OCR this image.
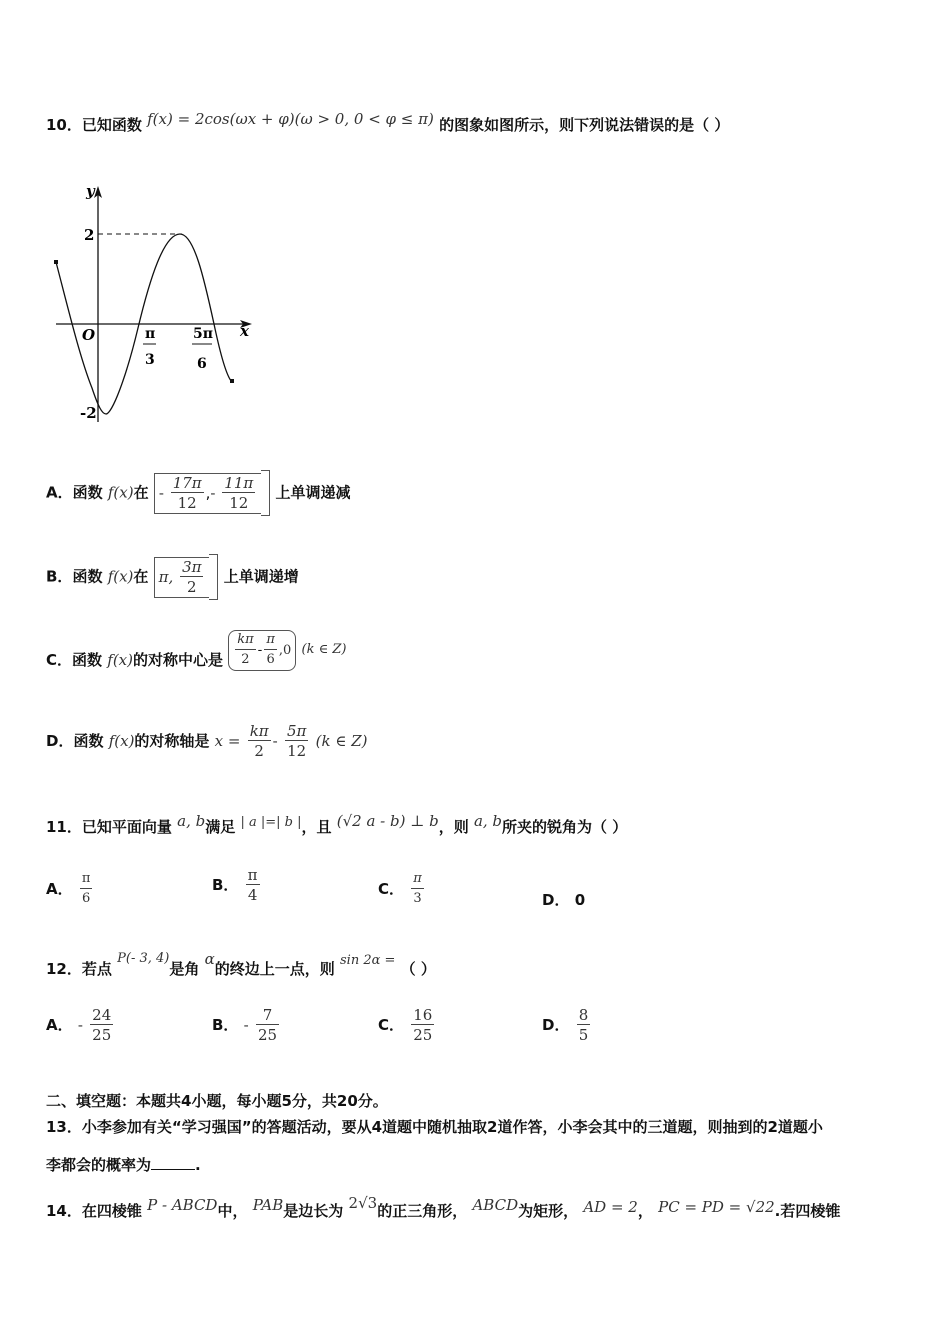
10．已知函数 f(x) = 2cos(ωx + φ)(ω > 0, 0 < φ ≤ π) 的图象如图所示，则下列说法错误的是（ ）
y
x
O
2
-2
π
3
5π
6
A．函数 f(x)在 - $\frac{17\pi}{12}$ ,- $\frac{11\pi}{12}$ 上单调递减
B．函数 f(x)在 π, $\frac{3\pi}{2}$ 上单调递增
C．函数 f(x)的对称中心是 $\frac{k\pi}{2} - \frac{\pi}{6} ,0$ (k ∈ Z)
D．函数 f(x)的对称轴是 $x = \frac{k\pi}{2} - \frac{5\pi}{12} (k$ ∈ Z)
11．已知平面向量 a, b满足 | a |=| b |，且 (√2 a - b) ⊥ b，则 a, b所夹的锐角为（ ）
A． $\frac{\pi}{6}$	B． $\frac{\pi}{4}$	C． $\frac{\pi}{3}$	D． 0
12．若点 P(- 3, 4)是角 α的终边上一点，则 sin 2α = （ ）
A． - $\frac{24}{25}$	B． - $\frac{7}{25}$	C． $\frac{16}{25}$	D． $\frac{8}{5}$
二、填空题：本题共4小题，每小题5分，共20分。
13．小李参加有关“学习强国”的答题活动，要从4道题中随机抽取2道作答，小李会其中的三道题，则抽到的2道题小
李都会的概率为	.
14．在四棱锥 P - ABCD中， PAB是边长为 2√3的正三角形， ABCD为矩形， AD = 2， PC = PD = √22.若四棱锥
